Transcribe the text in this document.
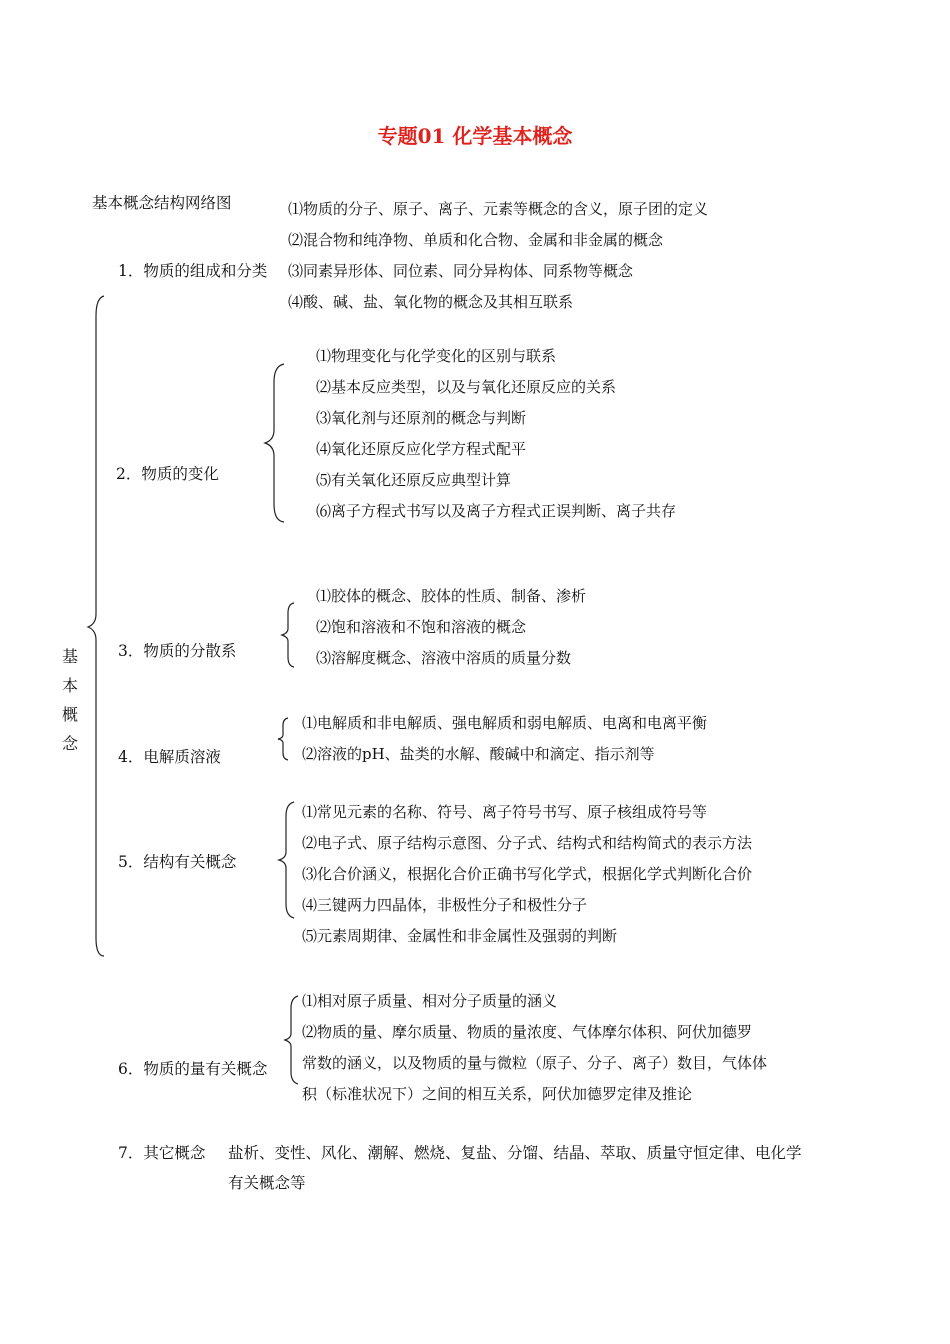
专题01 化学基本概念
基本概念结构网络图
基
本
概
念
1．物质的组成和分类
⑴物质的分子、原子、离子、元素等概念的含义，原子团的定义
⑵混合物和纯净物、单质和化合物、金属和非金属的概念
⑶同素异形体、同位素、同分异构体、同系物等概念
⑷酸、碱、盐、氧化物的概念及其相互联系
2．物质的变化
⑴物理变化与化学变化的区别与联系
⑵基本反应类型，以及与氧化还原反应的关系
⑶氧化剂与还原剂的概念与判断
⑷氧化还原反应化学方程式配平
⑸有关氧化还原反应典型计算
⑹离子方程式书写以及离子方程式正误判断、离子共存
3．物质的分散系
⑴胶体的概念、胶体的性质、制备、渗析
⑵饱和溶液和不饱和溶液的概念
⑶溶解度概念、溶液中溶质的质量分数
4．电解质溶液
⑴电解质和非电解质、强电解质和弱电解质、电离和电离平衡
⑵溶液的pH、盐类的水解、酸碱中和滴定、指示剂等
5．结构有关概念
⑴常见元素的名称、符号、离子符号书写、原子核组成符号等
⑵电子式、原子结构示意图、分子式、结构式和结构简式的表示方法
⑶化合价涵义，根据化合价正确书写化学式，根据化学式判断化合价
⑷三键两力四晶体，非极性分子和极性分子
⑸元素周期律、金属性和非金属性及强弱的判断
6．物质的量有关概念
⑴相对原子质量、相对分子质量的涵义
⑵物质的量、摩尔质量、物质的量浓度、气体摩尔体积、阿伏加德罗
常数的涵义，以及物质的量与微粒（原子、分子、离子）数目，气体体
积（标准状况下）之间的相互关系，阿伏加德罗定律及推论
7．其它概念 盐析、变性、风化、潮解、燃烧、复盐、分馏、结晶、萃取、质量守恒定律、电化学
有关概念等
